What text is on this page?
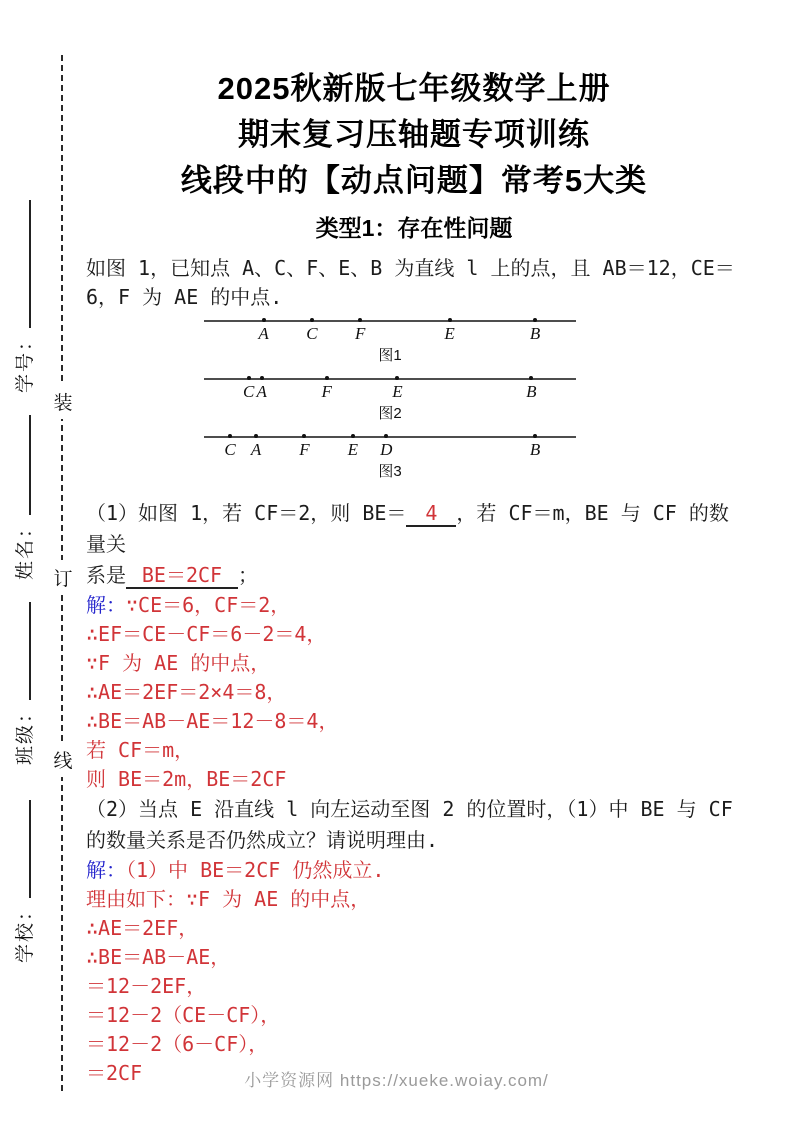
装
订
线
学号：
姓名：
班级：
学校：
2025秋新版七年级数学上册
期末复习压轴题专项训练
线段中的【动点问题】常考5大类
类型1：存在性问题
如图 1，已知点 A、C、F、E、B 为直线 l 上的点，且 AB＝12，CE＝
6，F 为 AE 的中点.
A C F	E	B
图1
C A	F	E	B
图2
C A F E D	B
图3
（1）如图 1，若 CF＝2，则 BE＝ 4 ，若 CF＝m，BE 与 CF 的数量关
系是 BE＝2CF ；
解：∵CE＝6，CF＝2，
∴EF＝CE－CF＝6－2＝4，
∵F 为 AE 的中点，
∴AE＝2EF＝2×4＝8，
∴BE＝AB－AE＝12－8＝4，
若 CF＝m，
则 BE＝2m，BE＝2CF
（2）当点 E 沿直线 l 向左运动至图 2 的位置时，（1）中 BE 与 CF
的数量关系是否仍然成立？请说明理由.
解：（1）中 BE＝2CF 仍然成立.
理由如下：∵F 为 AE 的中点，
∴AE＝2EF，
∴BE＝AB－AE，
＝12－2EF，
＝12－2（CE－CF），
＝12－2（6－CF），
＝2CF	小学资源网 https://xueke.woiay.com/
